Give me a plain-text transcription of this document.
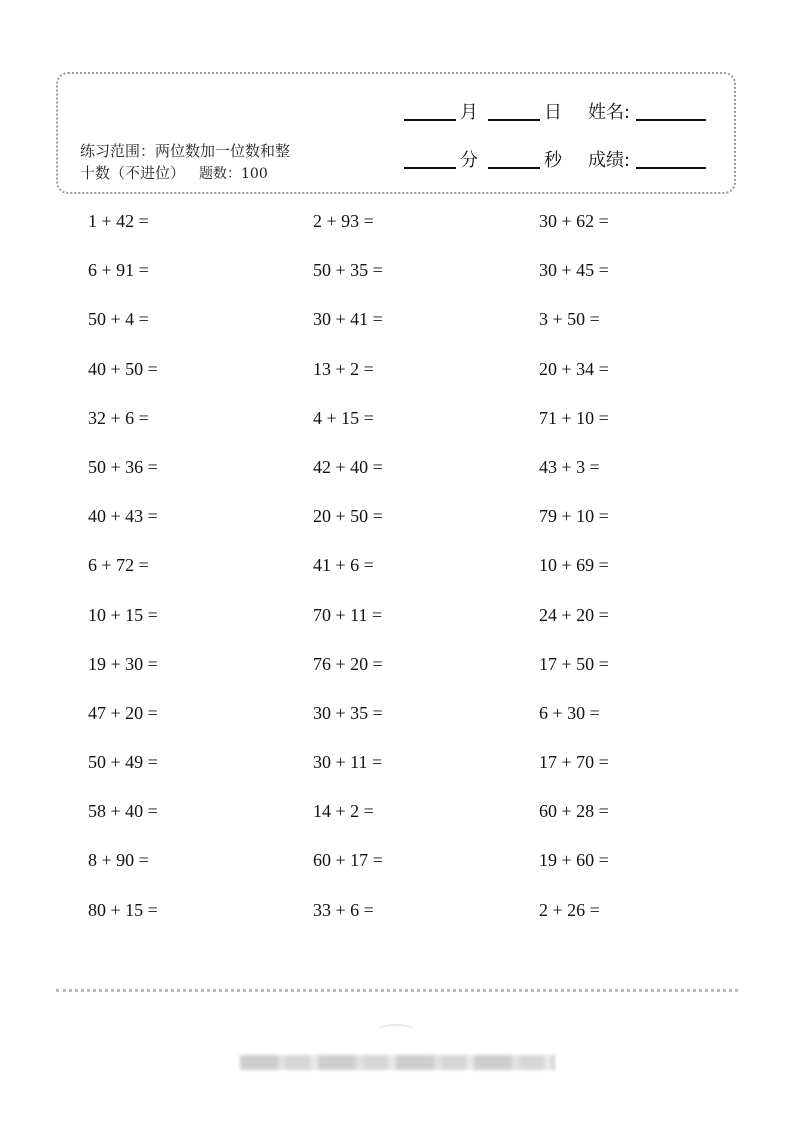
月	日	姓名:
分	秒	成绩:
练习范围：两位数加一位数和整
十数（不进位） 题数：100
1 + 42 =	2 + 93 =	30 + 62 =
6 + 91 =	50 + 35 =	30 + 45 =
50 + 4 =	30 + 41 =	3 + 50 =
40 + 50 =	13 + 2 =	20 + 34 =
32 + 6 =	4 + 15 =	71 + 10 =
50 + 36 =	42 + 40 =	43 + 3 =
40 + 43 =	20 + 50 =	79 + 10 =
6 + 72 =	41 + 6 =	10 + 69 =
10 + 15 =	70 + 11 =	24 + 20 =
19 + 30 =	76 + 20 =	17 + 50 =
47 + 20 =	30 + 35 =	6 + 30 =
50 + 49 =	30 + 11 =	17 + 70 =
58 + 40 =	14 + 2 =	60 + 28 =
8 + 90 =	60 + 17 =	19 + 60 =
80 + 15 =	33 + 6 =	2 + 26 =
